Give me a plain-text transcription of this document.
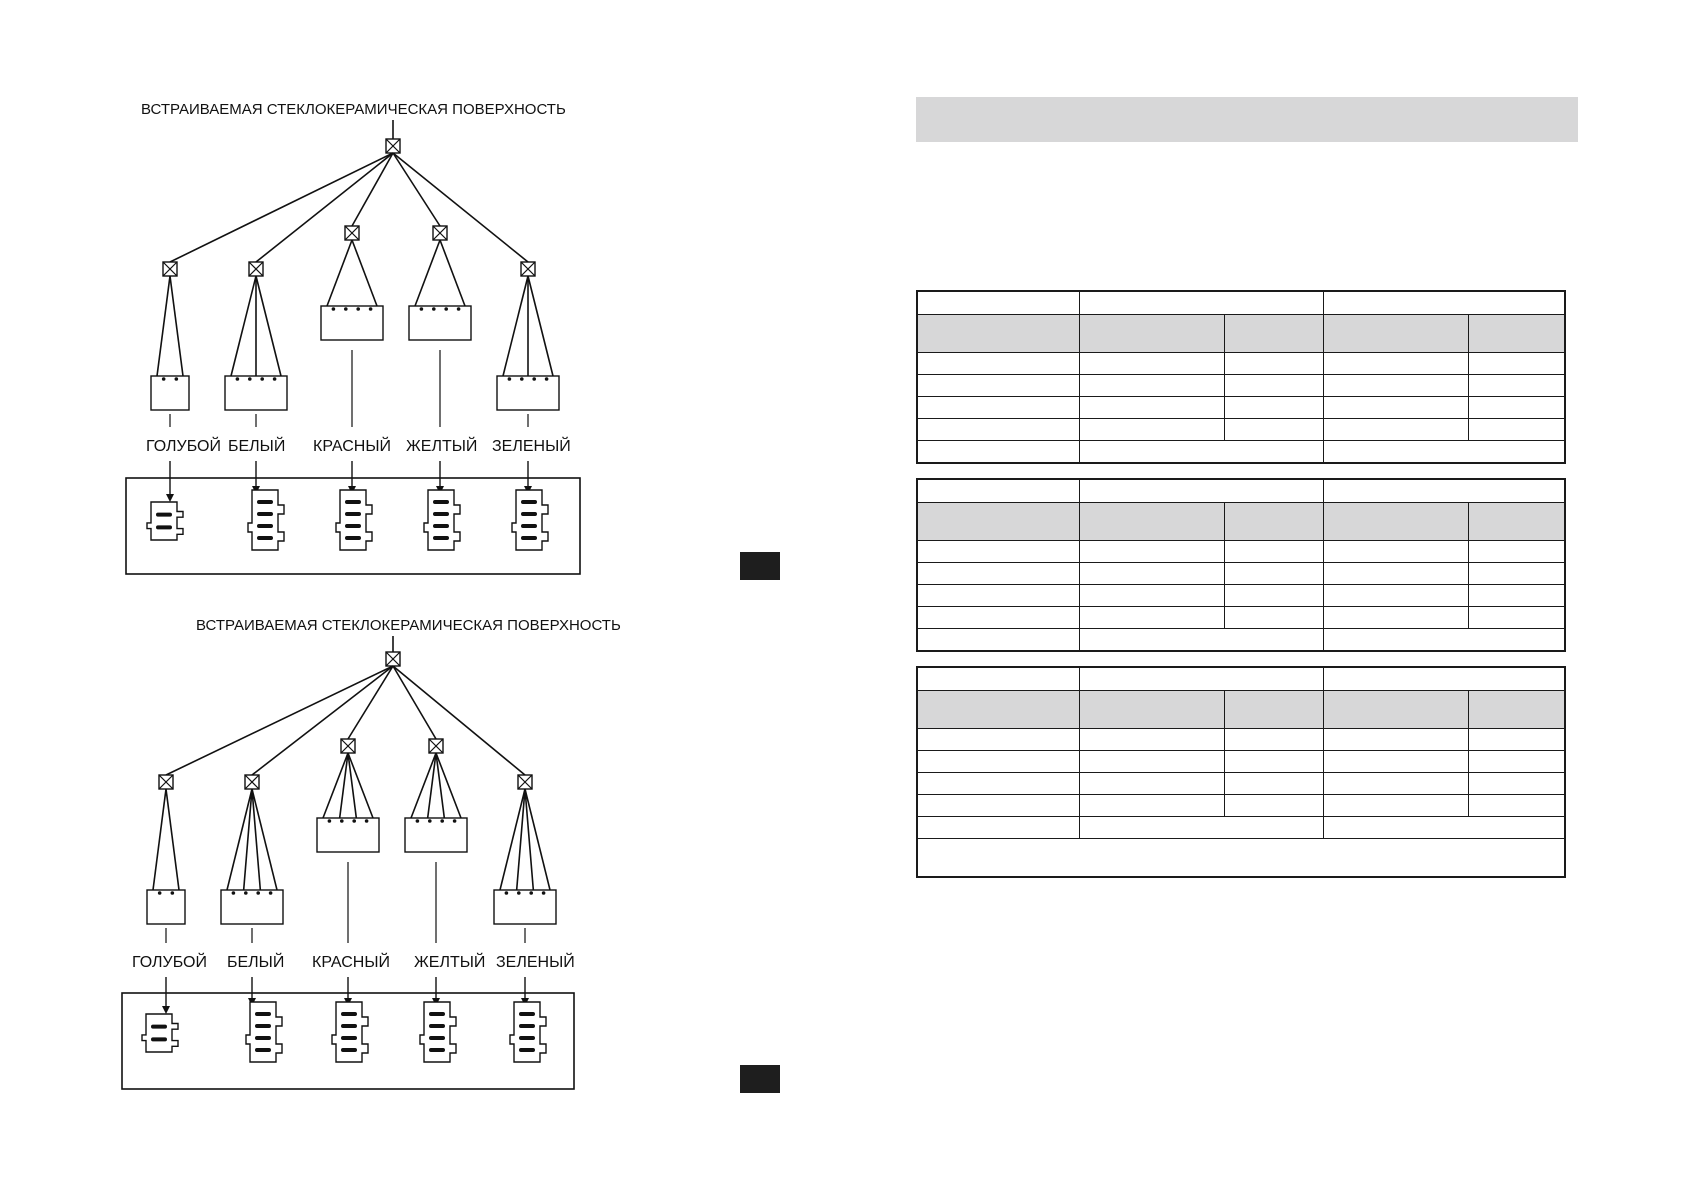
ВСТРАИВАЕМАЯ СТЕКЛОКЕРАМИЧЕСКАЯ ПОВЕРХНОСТЬ
ГОЛУБОЙ БЕЛЫЙ КРАСНЫЙ ЖЕЛТЫЙ ЗЕЛЕНЫЙ
ВСТРАИВАЕМАЯ СТЕКЛОКЕРАМИЧЕСКАЯ ПОВЕРХНОСТЬ
ГОЛУБОЙ БЕЛЫЙ КРАСНЫЙ ЖЕЛТЫЙ ЗЕЛЕНЫЙ
